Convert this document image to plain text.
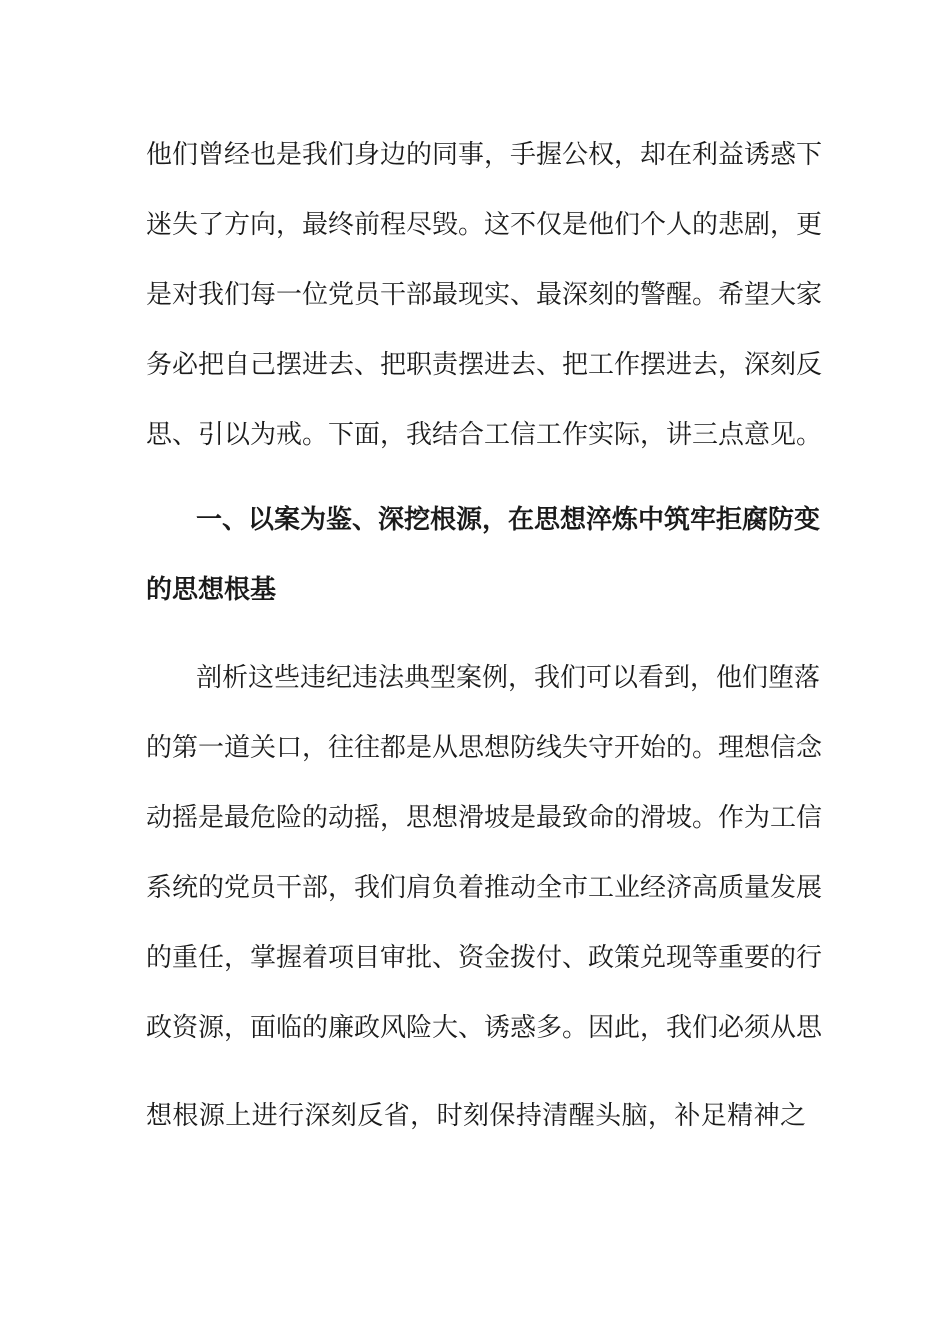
他们曾经也是我们身边的同事，手握公权，却在利益诱惑下
迷失了方向，最终前程尽毁。这不仅是他们个人的悲剧，更
是对我们每一位党员干部最现实、最深刻的警醒。希望大家
务必把自己摆进去、把职责摆进去、把工作摆进去，深刻反
思、引以为戒。下面，我结合工信工作实际，讲三点意见。
一、以案为鉴、深挖根源，在思想淬炼中筑牢拒腐防变
的思想根基
剖析这些违纪违法典型案例，我们可以看到，他们堕落
的第一道关口，往往都是从思想防线失守开始的。理想信念
动摇是最危险的动摇，思想滑坡是最致命的滑坡。作为工信
系统的党员干部，我们肩负着推动全市工业经济高质量发展
的重任，掌握着项目审批、资金拨付、政策兑现等重要的行
政资源，面临的廉政风险大、诱惑多。因此，我们必须从思
想根源上进行深刻反省，时刻保持清醒头脑，补足精神之
